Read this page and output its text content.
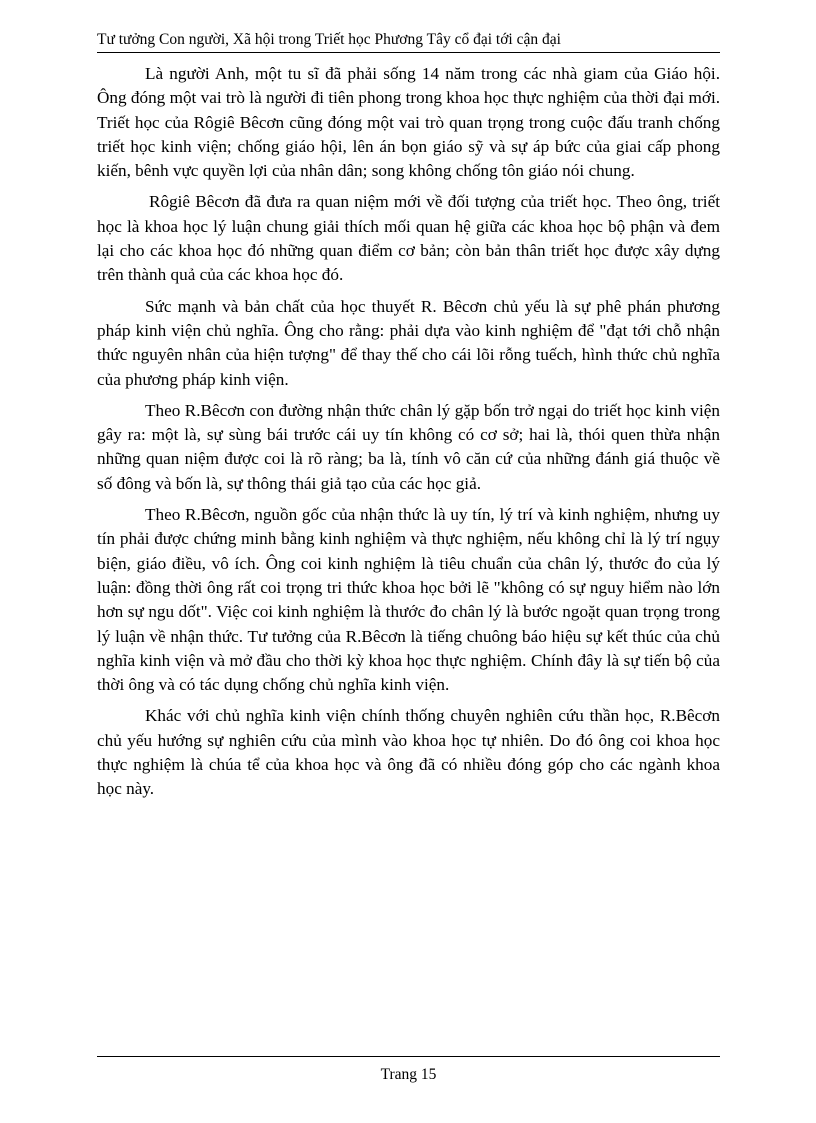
Tư tưởng Con người, Xã hội trong Triết học Phương Tây cổ đại tới cận đại

Là người Anh, một tu sĩ đã phải sống 14 năm trong các nhà giam của Giáo hội. Ông đóng một vai trò là người đi tiên phong trong khoa học thực nghiệm của thời đại mới. Triết học của Rôgiê Bêcơn cũng đóng một vai trò quan trọng trong cuộc đấu tranh chống triết học kinh viện; chống giáo hội, lên án bọn giáo sỹ và sự áp bức của giai cấp phong kiến, bênh vực quyền lợi của nhân dân; song không chống tôn giáo nói chung.

Rôgiê Bêcơn đã đưa ra quan niệm mới về đối tượng của triết học. Theo ông, triết học là khoa học lý luận chung giải thích mối quan hệ giữa các khoa học bộ phận và đem lại cho các khoa học đó những quan điểm cơ bản; còn bản thân triết học được xây dựng trên thành quả của các khoa học đó.

Sức mạnh và bản chất của học thuyết R. Bêcơn chủ yếu là sự phê phán phương pháp kinh viện chủ nghĩa. Ông cho rằng: phải dựa vào kinh nghiệm để "đạt tới chỗ nhận thức nguyên nhân của hiện tượng" để thay thế cho cái lõi rỗng tuếch, hình thức chủ nghĩa của phương pháp kinh viện.

Theo R.Bêcơn con đường nhận thức chân lý gặp bốn trở ngại do triết học kinh viện gây ra: một là, sự sùng bái trước cái uy tín không có cơ sở; hai là, thói quen thừa nhận những quan niệm được coi là rõ ràng; ba là, tính vô căn cứ của những đánh giá thuộc về số đông và bốn là, sự thông thái giả tạo của các học giả.

Theo R.Bêcơn, nguồn gốc của nhận thức là uy tín, lý trí và kinh nghiệm, nhưng uy tín phải được chứng minh bằng kinh nghiệm và thực nghiệm, nếu không chỉ là lý trí ngụy biện, giáo điều, vô ích. Ông coi kinh nghiệm là tiêu chuẩn của chân lý, thước đo của lý luận: đồng thời ông rất coi trọng tri thức khoa học bởi lẽ "không có sự nguy hiểm nào lớn hơn sự ngu dốt". Việc coi kinh nghiệm là thước đo chân lý là bước ngoặt quan trọng trong lý luận về nhận thức. Tư tưởng của R.Bêcơn là tiếng chuông báo hiệu sự kết thúc của chủ nghĩa kinh viện và mở đầu cho thời kỳ khoa học thực nghiệm. Chính đây là sự tiến bộ của thời ông và có tác dụng chống chủ nghĩa kinh viện.

Khác với chủ nghĩa kinh viện chính thống chuyên nghiên cứu thần học, R.Bêcơn chủ yếu hướng sự nghiên cứu của mình vào khoa học tự nhiên. Do đó ông coi khoa học thực nghiệm là chúa tể của khoa học và ông đã có nhiều đóng góp cho các ngành khoa học này.

Trang 15
